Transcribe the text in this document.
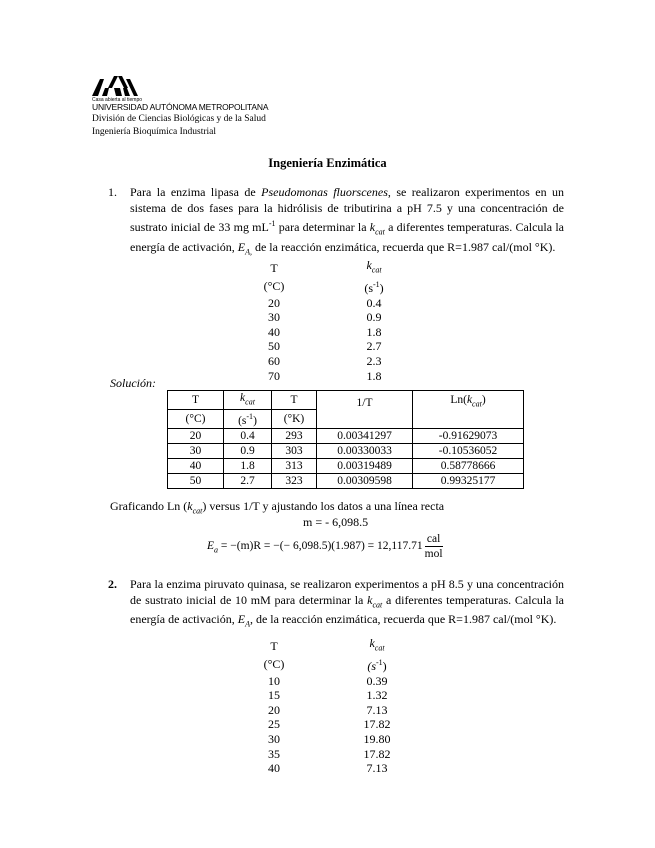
Casa abierta al tiempo
UNIVERSIDAD AUTÓNOMA METROPOLITANA
División de Ciencias Biológicas y de la Salud
Ingeniería Bioquímica Industrial
Ingeniería Enzimática
1. Para la enzima lipasa de Pseudomonas fluorscenes, se realizaron experimentos en un sistema de dos fases para la hidrólisis de tributirina a pH 7.5 y una concentración de sustrato inicial de 33 mg $mL^{-1}$ para determinar la $k_{cat}$ a diferentes temperaturas. Calcula la energía de activación, $E_{A,}$ de la reacción enzimática, recuerda que R=1.987 cal/(mol °K).
T		$k_{cat}$
(°C)		$(s^{-1})$
20		0.4
30		0.9
40		1.8
50		2.7
60		2.3
70		1.8
Solución:
T	$k_{cat}$	T	1/T	$Ln(k_{cat})$

(°C)	$(s^{-1})$	(°K)		
20	0.4	293	0.00341297	-0.91629073
30	0.9	303	0.00330033	-0.10536052
40	1.8	313	0.00319489	0.58778666
50	2.7	323	0.00309598	0.99325177
Graficando Ln $(k_{cat})$ versus 1/T y ajustando los datos a una línea recta
m = - 6,098.5
$E_a = -(m)R$ = −(− $6,098.5)(1.987) = 12,117.71 \frac{\text{cal}}{\text{mol}}$
2. Para la enzima piruvato quinasa, se realizaron experimentos a pH 8.5 y una concentración de sustrato inicial de 10 mM para determinar la $k_{cat}$ a diferentes temperaturas. Calcula la energía de activación, $E_A$, de la reacción enzimática, recuerda que R=1.987 cal/(mol °K).
T		$k_{cat}$
(°C)		$(s^{-1})$
10		0.39
15		1.32
20		7.13
25		17.82
30		19.80
35		17.82
40		7.13
